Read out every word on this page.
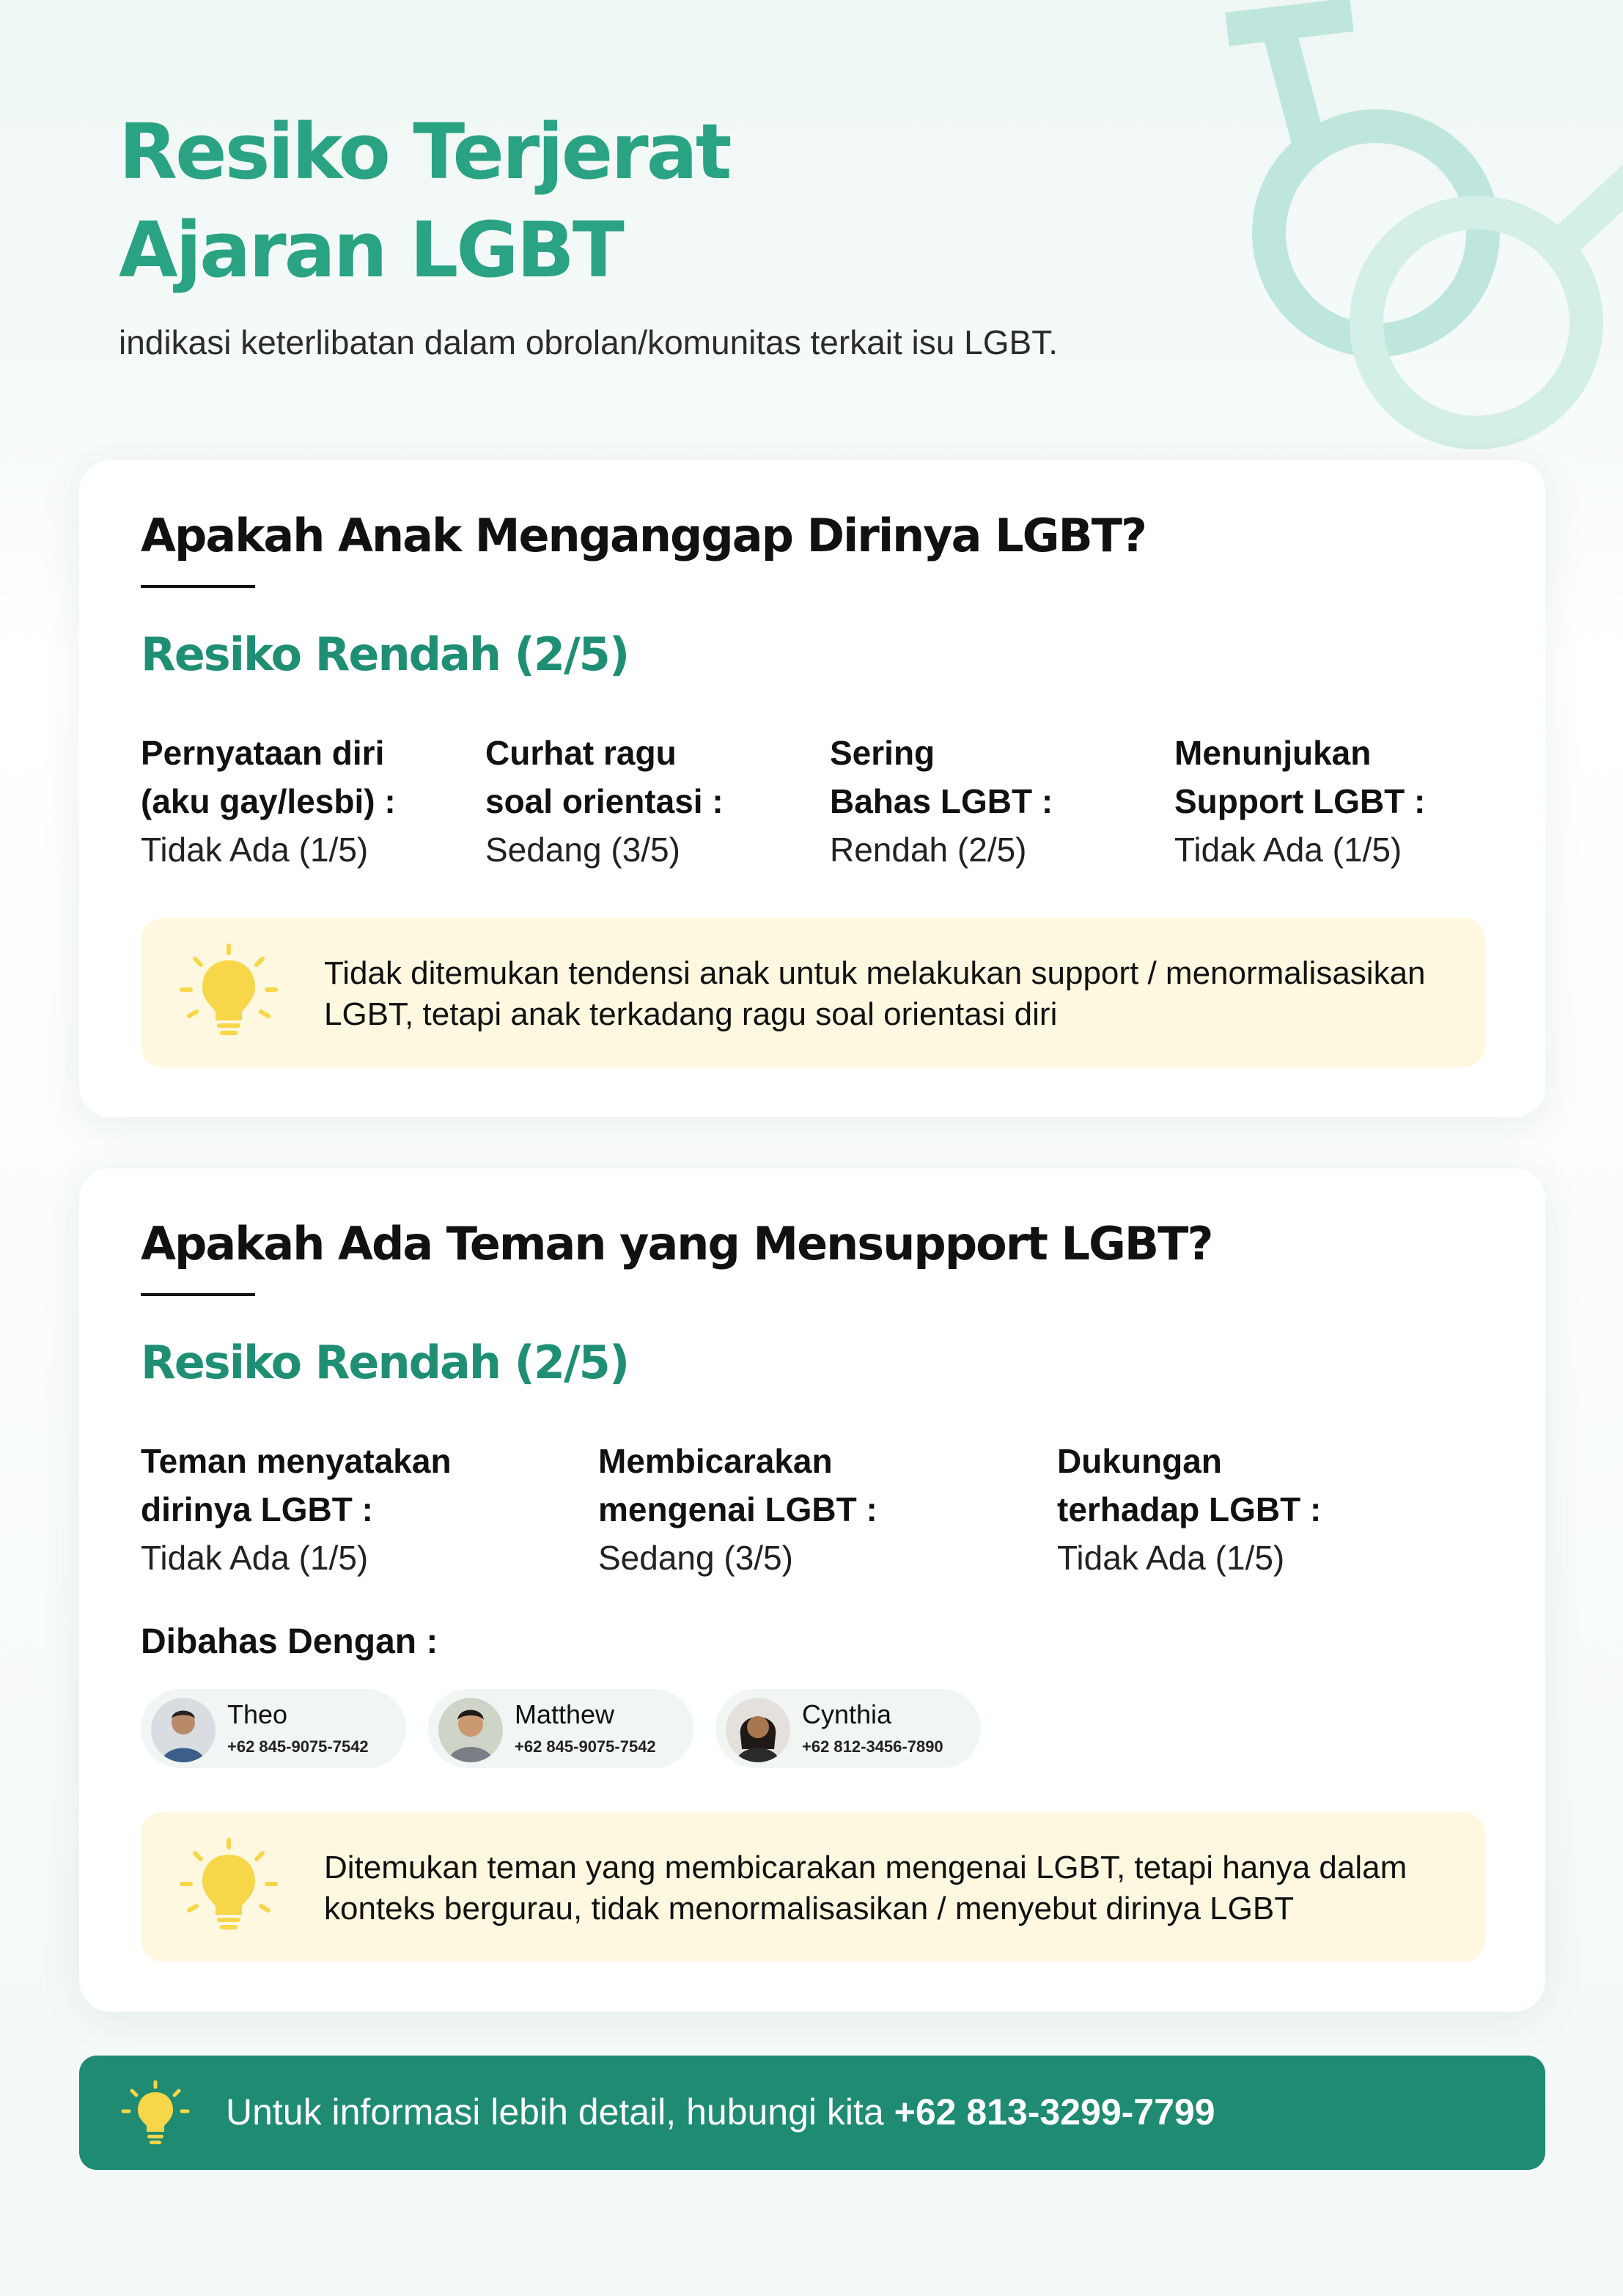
Resiko Terjerat
Ajaran LGBT
indikasi keterlibatan dalam obrolan/komunitas terkait isu LGBT.
Apakah Anak Menganggap Dirinya LGBT?
Resiko Rendah (2/5)
Pernyataan diri
(aku gay/lesbi) :
Tidak Ada (1/5)
Curhat ragu
soal orientasi :
Sedang (3/5)
Sering
Bahas LGBT :
Rendah (2/5)
Menunjukan
Support LGBT :
Tidak Ada (1/5)
Tidak ditemukan tendensi anak untuk melakukan support / menormalisasikan LGBT, tetapi anak terkadang ragu soal orientasi diri
Apakah Ada Teman yang Mensupport LGBT?
Resiko Rendah (2/5)
Teman menyatakan
dirinya LGBT :
Tidak Ada (1/5)
Membicarakan
mengenai LGBT :
Sedang (3/5)
Dukungan
terhadap LGBT :
Tidak Ada (1/5)
Dibahas Dengan :
Theo
+62 845-9075-7542
Matthew
+62 845-9075-7542
Cynthia
+62 812-3456-7890
Ditemukan teman yang membicarakan mengenai LGBT, tetapi hanya dalam konteks bergurau, tidak menormalisasikan / menyebut dirinya LGBT
Untuk informasi lebih detail, hubungi kita +62 813-3299-7799
